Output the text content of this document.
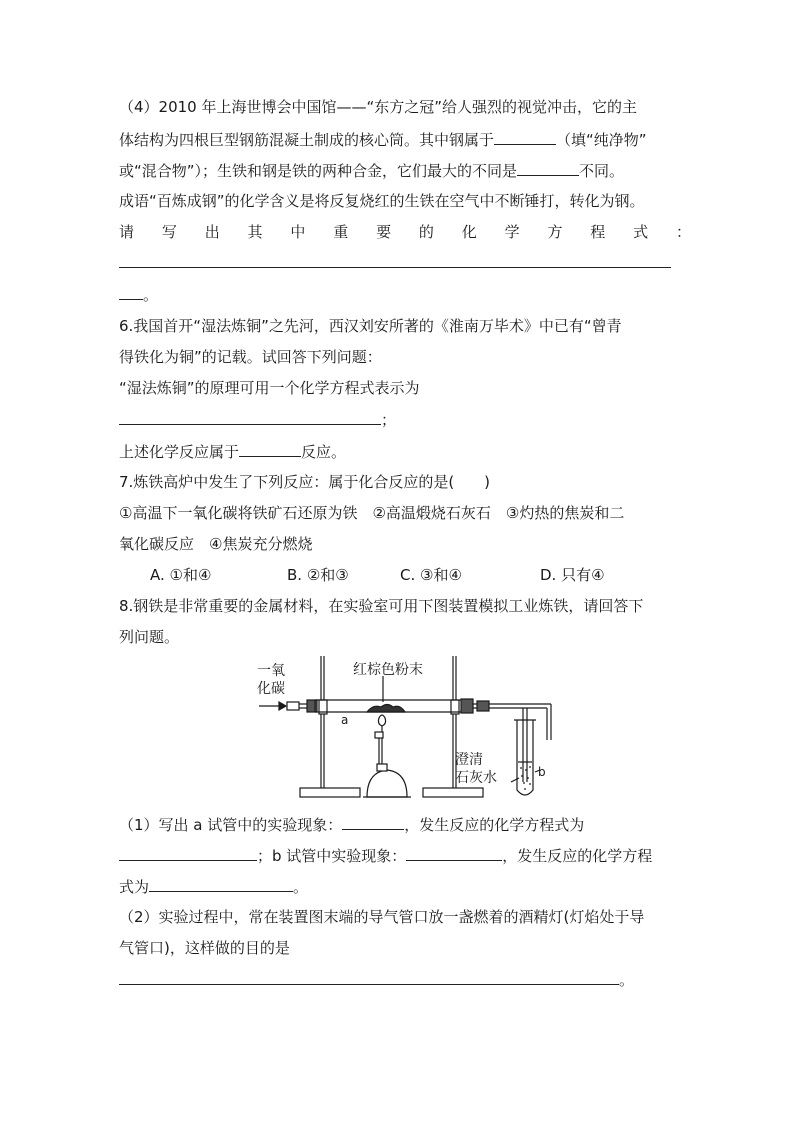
（4）2010 年上海世博会中国馆——“东方之冠”给人强烈的视觉冲击，它的主
体结构为四根巨型钢筋混凝土制成的核心筒。其中钢属于	（填“纯净物”
或“混合物”）；生铁和钢是铁的两种合金，它们最大的不同是	不同。
成语“百炼成钢”的化学含义是将反复烧红的生铁在空气中不断锤打，转化为钢。
请 写 出 其 中 重 要 的 化 学 方 程 式 ：
。
6.我国首开“湿法炼铜”之先河，西汉刘安所著的《淮南万毕术》中已有“曾青
得铁化为铜”的记载。试回答下列问题：
“湿法炼铜”的原理可用一个化学方程式表示为
；
上述化学反应属于	反应。
7.炼铁高炉中发生了下列反应：属于化合反应的是(　　)
①高温下一氧化碳将铁矿石还原为铁　②高温煅烧石灰石　③灼热的焦炭和二
氧化碳反应　④焦炭充分燃烧
A. ①和④	B. ②和③	C. ③和④	D. 只有④
8.钢铁是非常重要的金属材料，在实验室可用下图装置模拟工业炼铁，请回答下
列问题。
一氧
化碳
红棕色粉末
a
澄清
石灰水	b
（1）写出 a 试管中的实验现象：	，发生反应的化学方程式为
；b 试管中实验现象：	，发生反应的化学方程
式为	。
（2）实验过程中，常在装置图末端的导气管口放一盏燃着的酒精灯(灯焰处于导
气管口)，这样做的目的是
。
